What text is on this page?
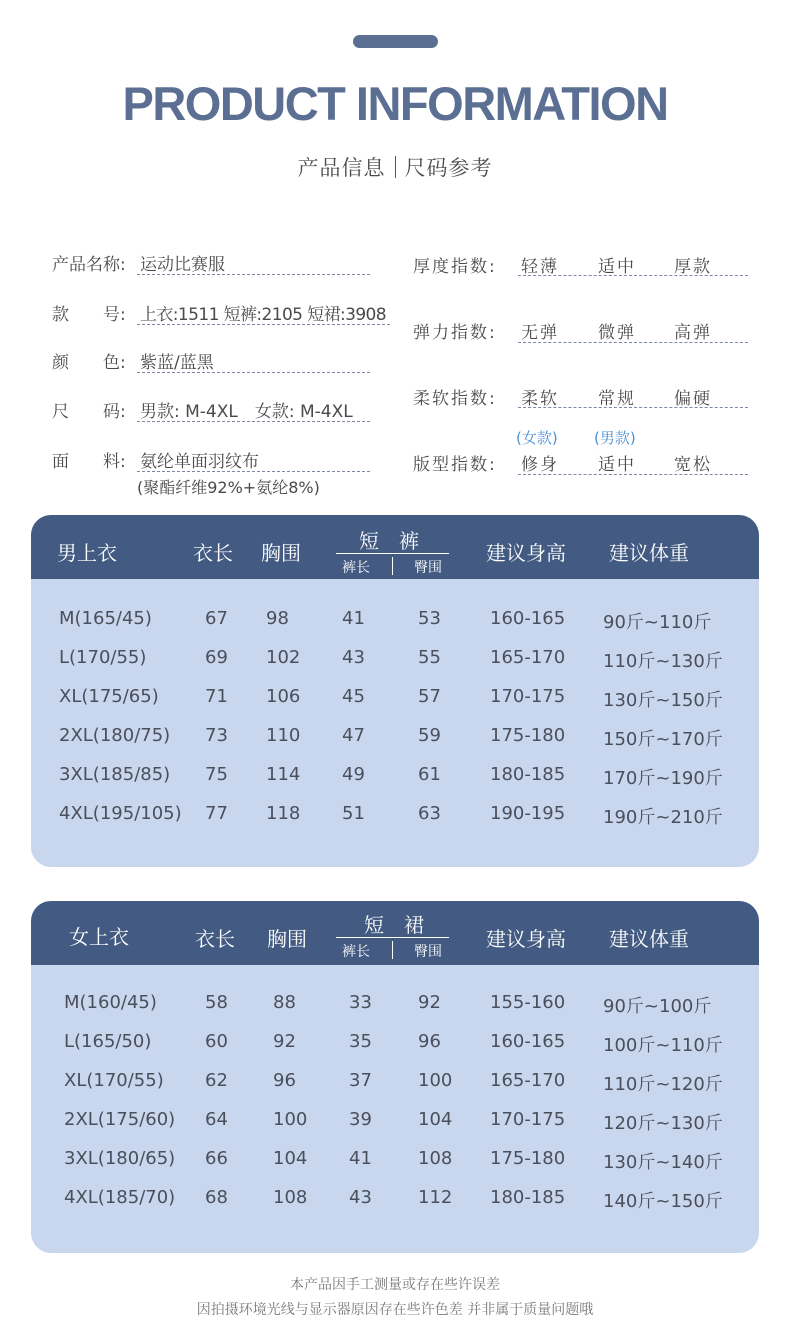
PRODUCT INFORMATION
产品信息 尺码参考
产品名称: 运动比赛服
款　　号: 上衣:1511 短裤:2105 短裙:3908
颜　　色: 紫蓝/蓝黑
尺　　码: 男款: M-4XL　女款: M-4XL
面　　料: 氨纶单面羽纹布
(聚酯纤维92%+氨纶8%)
厚度指数: 轻薄 适中 厚款
弹力指数: 无弹 微弹 高弹
柔软指数: 柔软 常规 偏硬
(女款) (男款)
版型指数: 修身 适中 宽松
男上衣	衣长 胸围	短　裤
裤长	臀围
建议身高 建议体重
M(165/45)	67 98	41	53	160-165 90斤~110斤
L(170/55)	69 102 43	55	165-170 110斤~130斤
XL(175/65)	71 106 45	57	170-175 130斤~150斤
2XL(180/75) 73 110 47	59	175-180 150斤~170斤
3XL(185/85) 75 114 49	61	180-185 170斤~190斤
4XL(195/105) 77 118 51	63	190-195 190斤~210斤
女上衣	衣长 胸围
短　裙
裤长	臀围
建议身高 建议体重
M(160/45)	58	88	33	92	155-160 90斤~100斤
L(165/50)	60	92	35	96	160-165 100斤~110斤
XL(170/55) 62	96	37	100 165-170 110斤~120斤
2XL(175/60) 64	100 39	104 170-175 120斤~130斤
3XL(180/65) 66	104 41	108 175-180 130斤~140斤
4XL(185/70) 68	108 43	112 180-185 140斤~150斤
本产品因手工测量或存在些许误差
因拍摄环境光线与显示器原因存在些许色差 并非属于质量问题哦
